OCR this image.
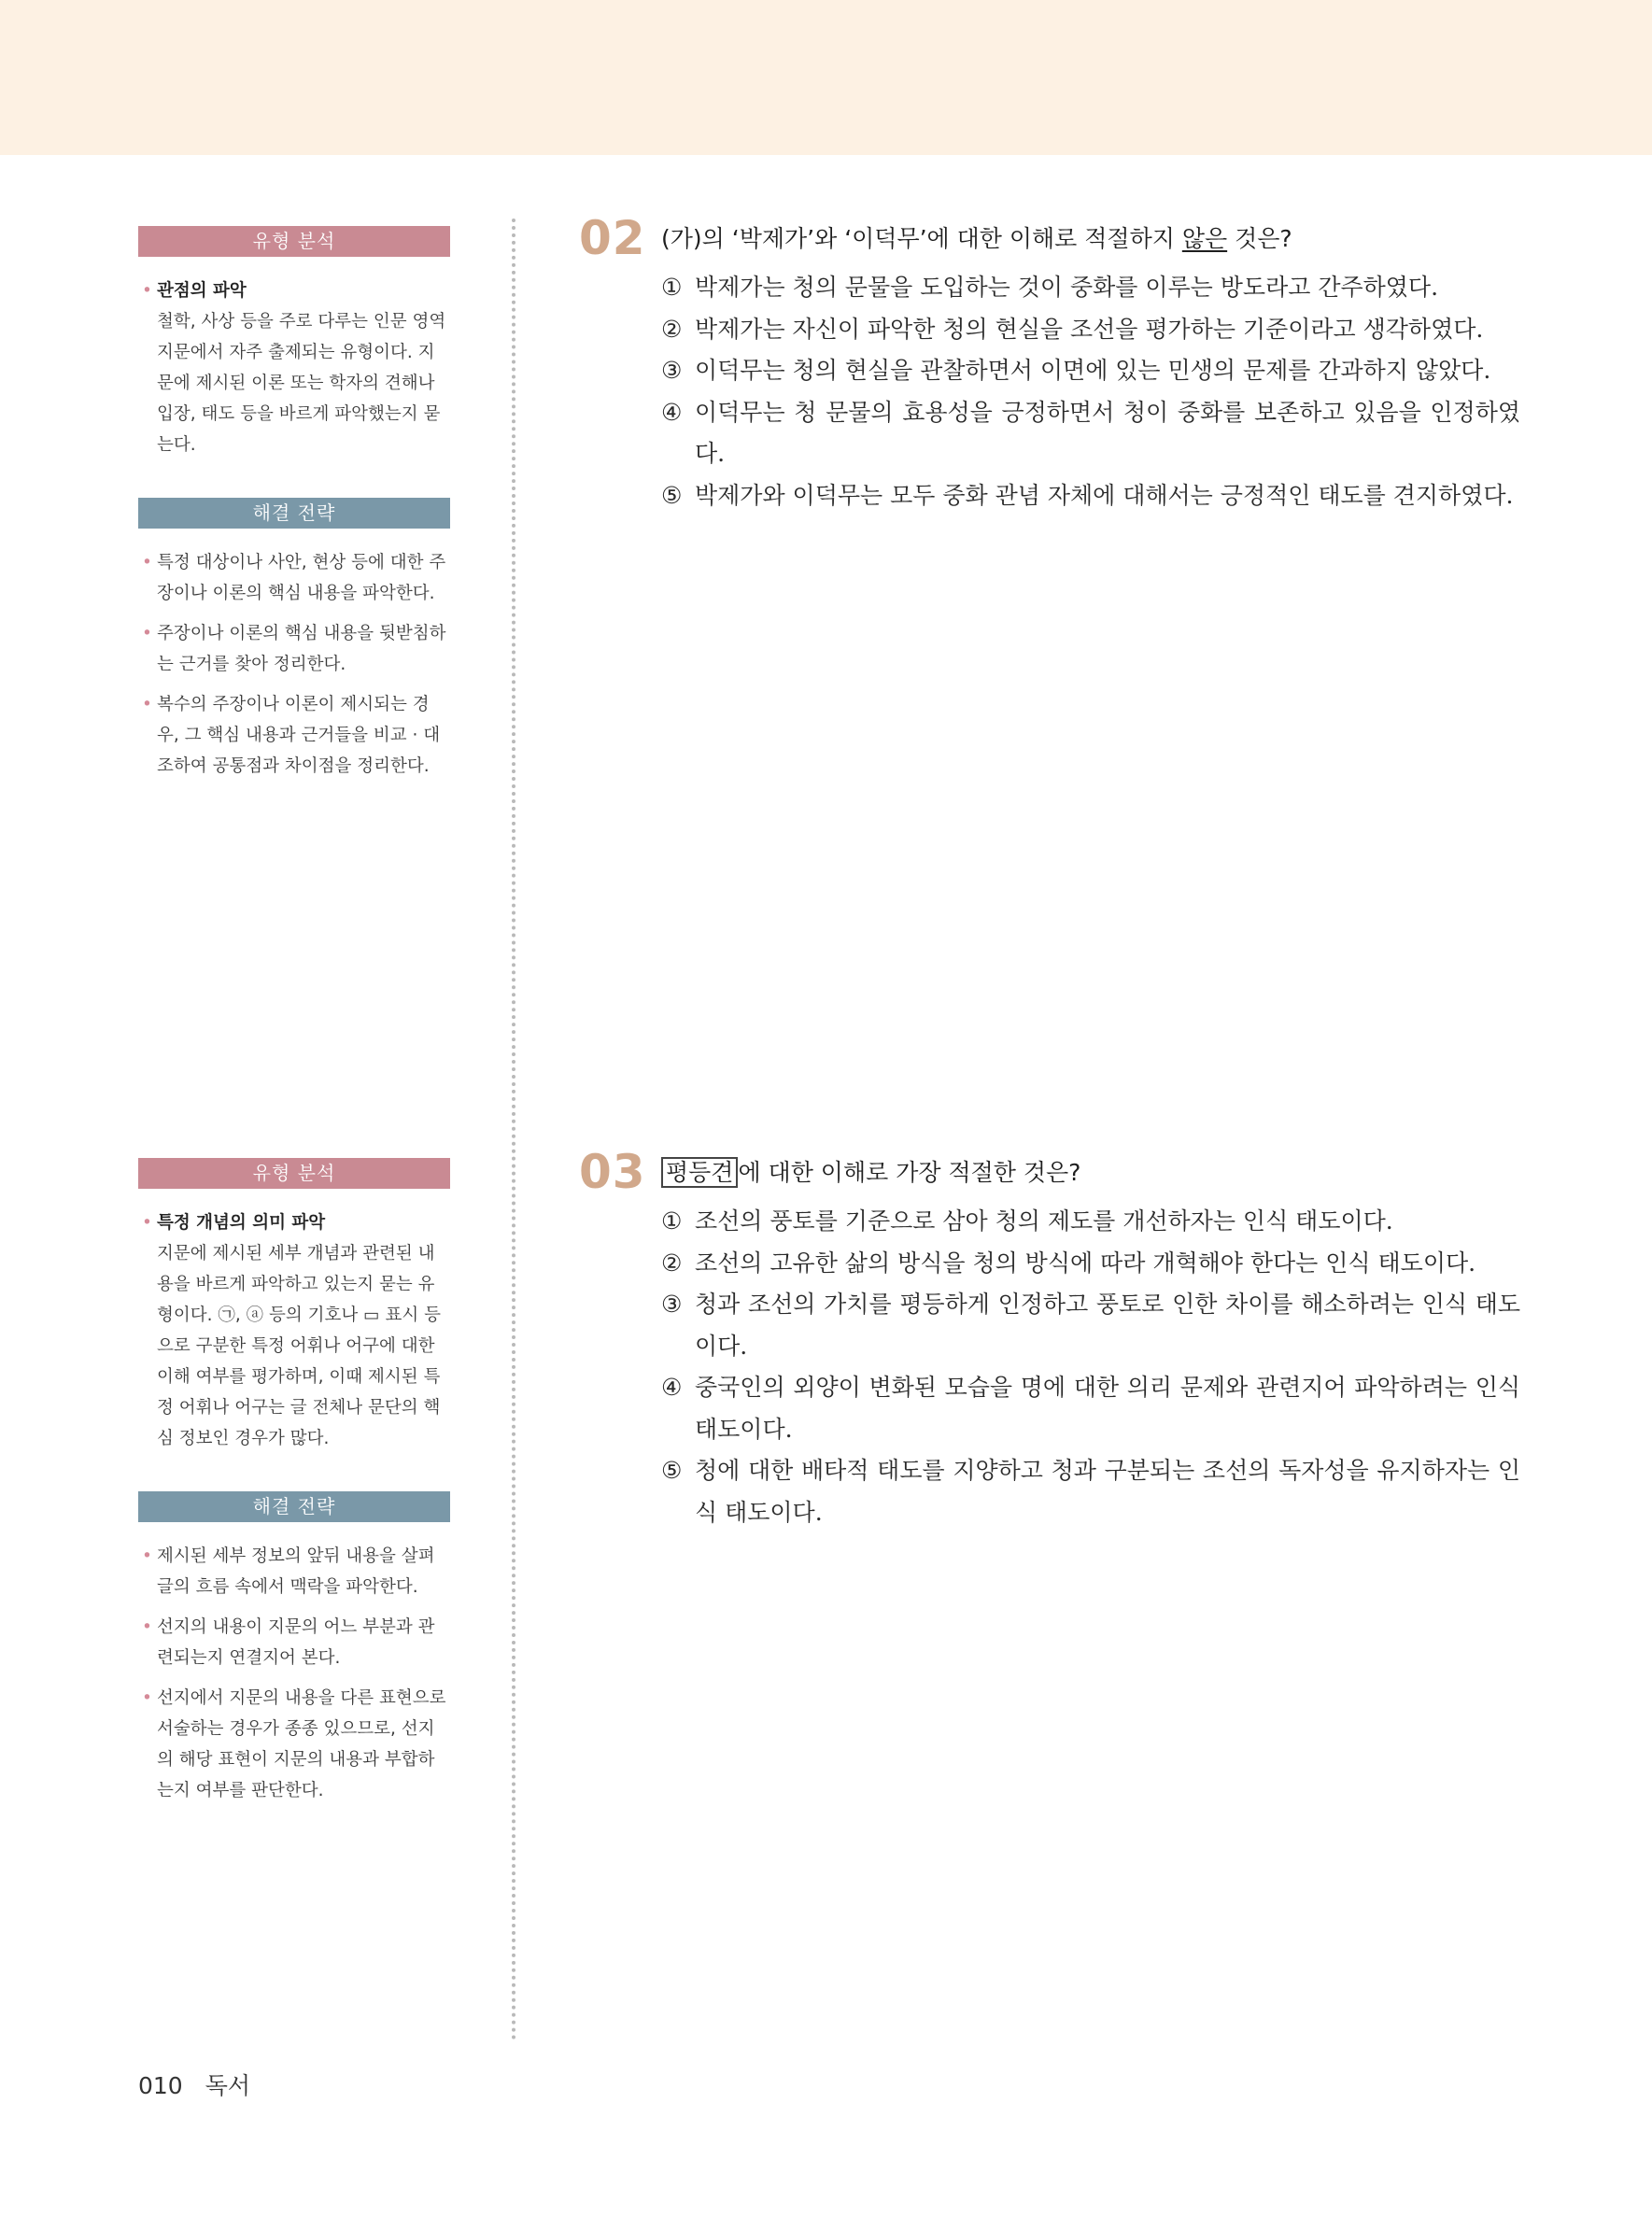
유형 분석
• 관점의 파악
철학, 사상 등을 주로 다루는 인문 영역 지문에서 자주 출제되는 유형이다. 지문에 제시된 이론 또는 학자의 견해나 입장, 태도 등을 바르게 파악했는지 묻는다.
해결 전략
• 특정 대상이나 사안, 현상 등에 대한 주장이나 이론의 핵심 내용을 파악한다.
• 주장이나 이론의 핵심 내용을 뒷받침하는 근거를 찾아 정리한다.
• 복수의 주장이나 이론이 제시되는 경우, 그 핵심 내용과 근거들을 비교 · 대조하여 공통점과 차이점을 정리한다.
유형 분석
• 특정 개념의 의미 파악
지문에 제시된 세부 개념과 관련된 내용을 바르게 파악하고 있는지 묻는 유형이다. ㉠, ⓐ 등의 기호나 ▭ 표시 등으로 구분한 특정 어휘나 어구에 대한 이해 여부를 평가하며, 이때 제시된 특정 어휘나 어구는 글 전체나 문단의 핵심 정보인 경우가 많다.
해결 전략
• 제시된 세부 정보의 앞뒤 내용을 살펴 글의 흐름 속에서 맥락을 파악한다.
• 선지의 내용이 지문의 어느 부분과 관련되는지 연결지어 본다.
• 선지에서 지문의 내용을 다른 표현으로 서술하는 경우가 종종 있으므로, 선지의 해당 표현이 지문의 내용과 부합하는지 여부를 판단한다.
02 (가)의 ‘박제가’와 ‘이덕무’에 대한 이해로 적절하지 않은 것은?
① 박제가는 청의 문물을 도입하는 것이 중화를 이루는 방도라고 간주하였다.
② 박제가는 자신이 파악한 청의 현실을 조선을 평가하는 기준이라고 생각하였다.
③ 이덕무는 청의 현실을 관찰하면서 이면에 있는 민생의 문제를 간과하지 않았다.
④ 이덕무는 청 문물의 효용성을 긍정하면서 청이 중화를 보존하고 있음을 인정하였다.
⑤ 박제가와 이덕무는 모두 중화 관념 자체에 대해서는 긍정적인 태도를 견지하였다.
03 평등견 에 대한 이해로 가장 적절한 것은?
① 조선의 풍토를 기준으로 삼아 청의 제도를 개선하자는 인식 태도이다.
② 조선의 고유한 삶의 방식을 청의 방식에 따라 개혁해야 한다는 인식 태도이다.
③ 청과 조선의 가치를 평등하게 인정하고 풍토로 인한 차이를 해소하려는 인식 태도이다.
④ 중국인의 외양이 변화된 모습을 명에 대한 의리 문제와 관련지어 파악하려는 인식 태도이다.
⑤ 청에 대한 배타적 태도를 지양하고 청과 구분되는 조선의 독자성을 유지하자는 인식 태도이다.
010 독서
